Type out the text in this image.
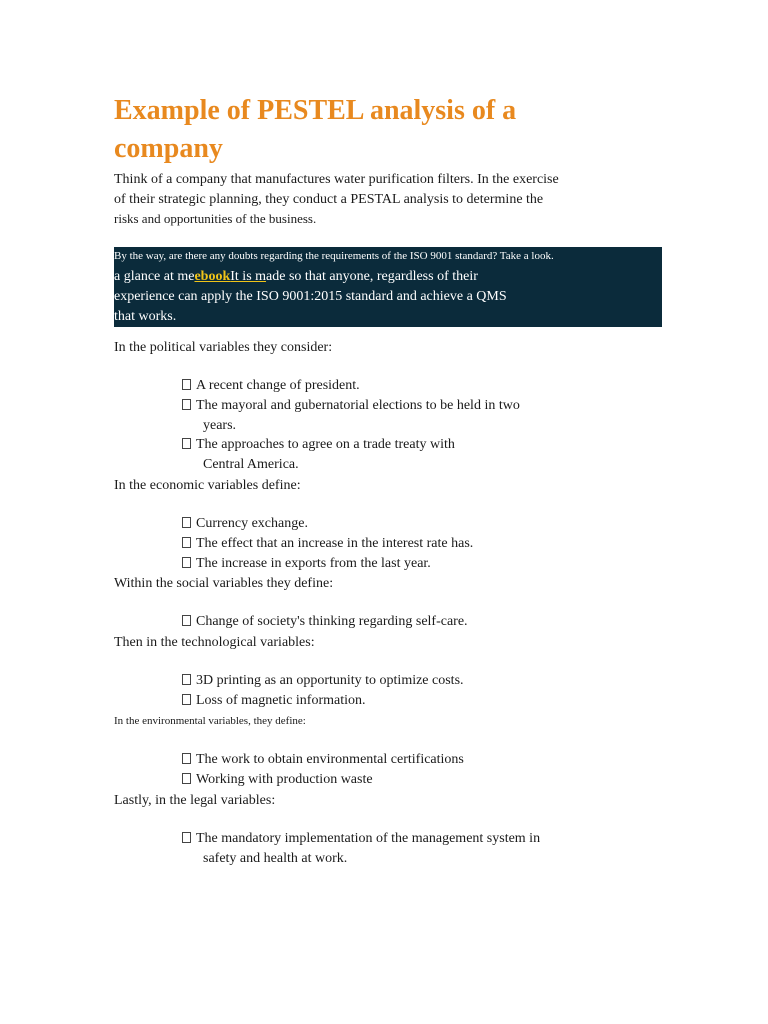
Example of PESTEL analysis of a company
Think of a company that manufactures water purification filters. In the exercise
of their strategic planning, they conduct a PESTAL analysis to determine the
risks and opportunities of the business.
By the way, are there any doubts regarding the requirements of the ISO 9001 standard? Take a look.
a glance at meebookIt is made so that anyone, regardless of their
experience can apply the ISO 9001:2015 standard and achieve a QMS
that works.
In the political variables they consider:
A recent change of president.
The mayoral and gubernatorial elections to be held in two
years.
The approaches to agree on a trade treaty with
Central America.
In the economic variables define:
Currency exchange.
The effect that an increase in the interest rate has.
The increase in exports from the last year.
Within the social variables they define:
Change of society's thinking regarding self-care.
Then in the technological variables:
3D printing as an opportunity to optimize costs.
Loss of magnetic information.
In the environmental variables, they define:
The work to obtain environmental certifications
Working with production waste
Lastly, in the legal variables:
The mandatory implementation of the management system in
safety and health at work.
